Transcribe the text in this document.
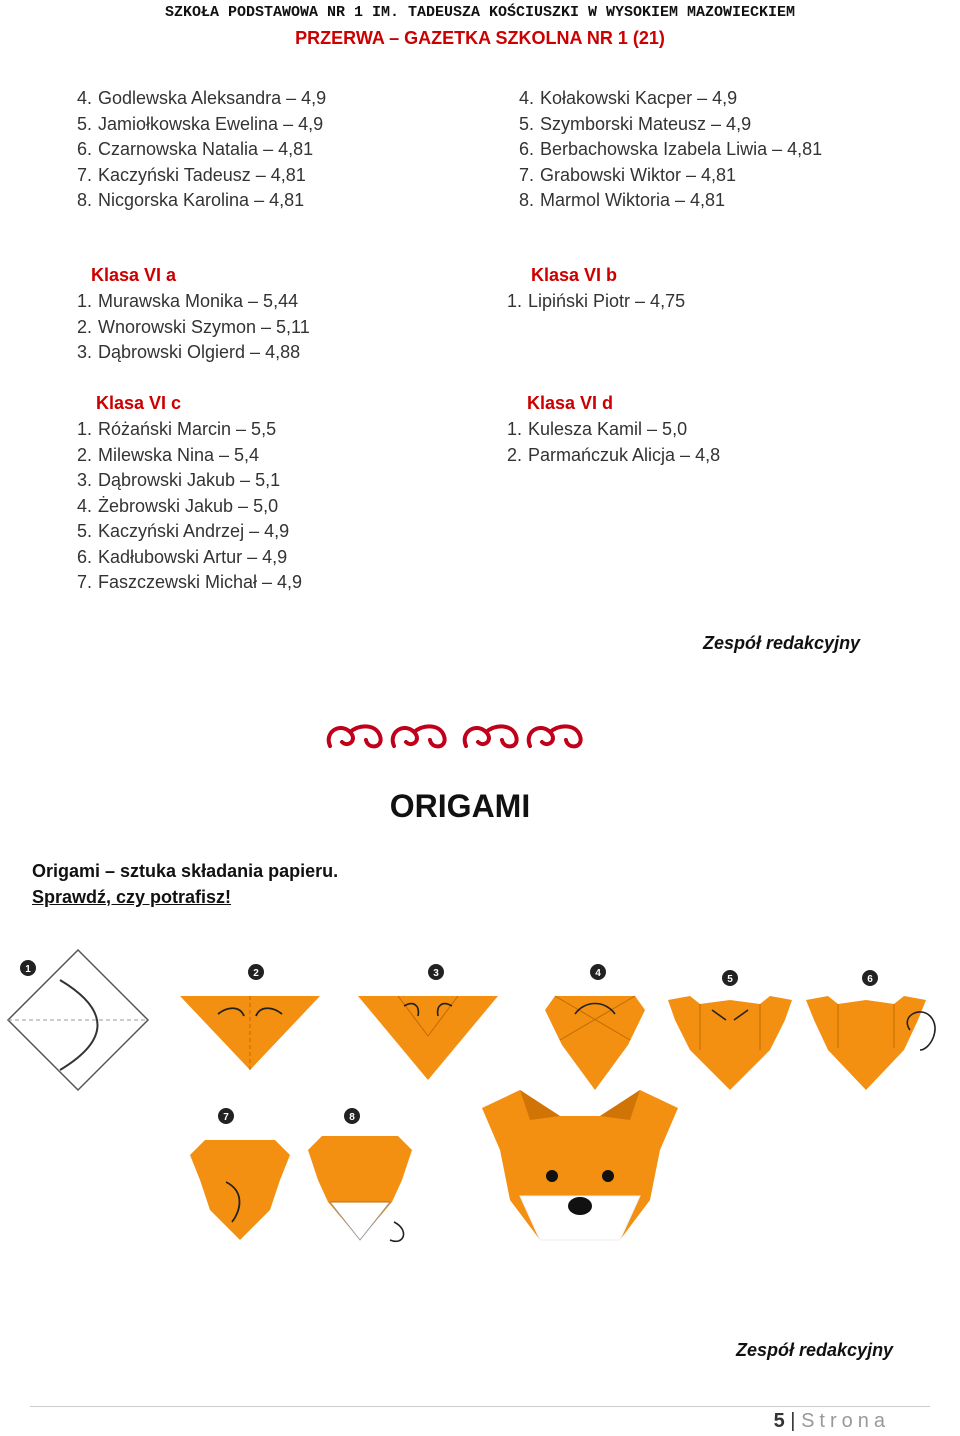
SZKOŁA PODSTAWOWA NR 1 IM. TADEUSZA KOŚCIUSZKI W WYSOKIEM MAZOWIECKIEM
PRZERWA – GAZETKA SZKOLNA NR 1 (21)
4. Godlewska Aleksandra – 4,9
5. Jamiołkowska Ewelina – 4,9
6. Czarnowska Natalia – 4,81
7. Kaczyński Tadeusz – 4,81
8. Nicgorska Karolina – 4,81
4. Kołakowski Kacper – 4,9
5. Szymborski Mateusz – 4,9
6. Berbachowska Izabela Liwia – 4,81
7. Grabowski Wiktor – 4,81
8. Marmol Wiktoria – 4,81
Klasa VI a
1. Murawska Monika – 5,44
2. Wnorowski Szymon – 5,11
3. Dąbrowski Olgierd – 4,88
Klasa VI b
1. Lipiński Piotr – 4,75
Klasa VI c
1. Różański Marcin – 5,5
2. Milewska Nina – 5,4
3. Dąbrowski Jakub – 5,1
4. Żebrowski Jakub – 5,0
5. Kaczyński Andrzej – 4,9
6. Kadłubowski Artur – 4,9
7. Faszczewski Michał – 4,9
Klasa VI d
1. Kulesza Kamil – 5,0
2. Parmańczuk Alicja – 4,8
Zespół redakcyjny
ORIGAMI
Origami – sztuka składania papieru.
Sprawdź, czy potrafisz!
1	2	3	4
5	6
7	8
Zespół redakcyjny
5 | Strona
